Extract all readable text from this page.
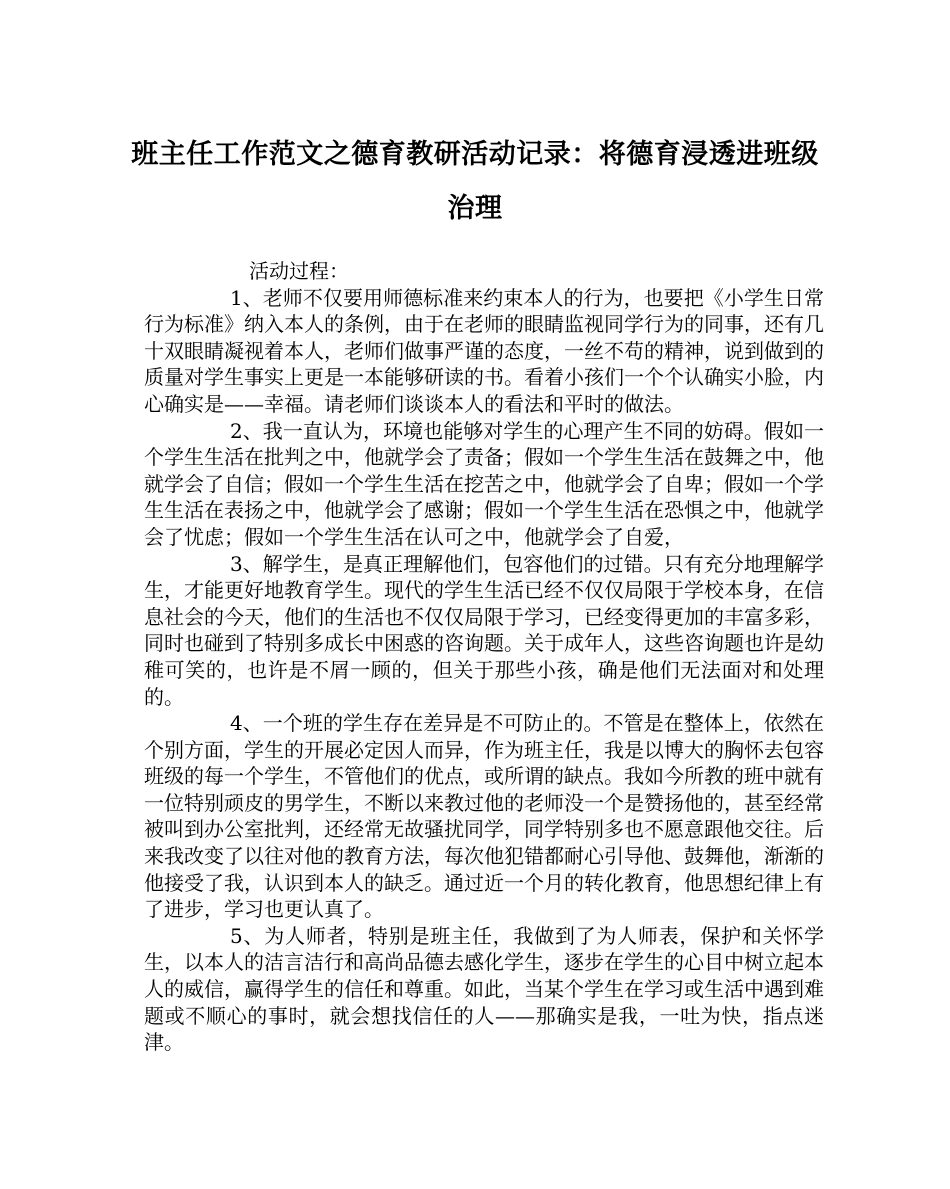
班主任工作范文之德育教研活动记录：将德育浸透进班级治理

活动过程：

1、老师不仅要用师德标准来约束本人的行为，也要把《小学生日常行为标准》纳入本人的条例，由于在老师的眼睛监视同学行为的同事，还有几十双眼睛凝视着本人，老师们做事严谨的态度，一丝不苟的精神，说到做到的质量对学生事实上更是一本能够研读的书。看着小孩们一个个认确实小脸，内心确实是——幸福。请老师们谈谈本人的看法和平时的做法。

2、我一直认为，环境也能够对学生的心理产生不同的妨碍。假如一个学生生活在批判之中，他就学会了责备；假如一个学生生活在鼓舞之中，他就学会了自信；假如一个学生生活在挖苦之中，他就学会了自卑；假如一个学生生活在表扬之中，他就学会了感谢；假如一个学生生活在恐惧之中，他就学会了忧虑；假如一个学生生活在认可之中，他就学会了自爱，

3、解学生，是真正理解他们，包容他们的过错。只有充分地理解学生，才能更好地教育学生。现代的学生生活已经不仅仅局限于学校本身，在信息社会的今天，他们的生活也不仅仅局限于学习，已经变得更加的丰富多彩，同时也碰到了特别多成长中困惑的咨询题。关于成年人，这些咨询题也许是幼稚可笑的，也许是不屑一顾的，但关于那些小孩，确是他们无法面对和处理的。

4、一个班的学生存在差异是不可防止的。不管是在整体上，依然在个别方面，学生的开展必定因人而异，作为班主任，我是以博大的胸怀去包容班级的每一个学生，不管他们的优点，或所谓的缺点。我如今所教的班中就有一位特别顽皮的男学生，不断以来教过他的老师没一个是赞扬他的，甚至经常被叫到办公室批判，还经常无故骚扰同学，同学特别多也不愿意跟他交往。后来我改变了以往对他的教育方法，每次他犯错都耐心引导他、鼓舞他，渐渐的他接受了我，认识到本人的缺乏。通过近一个月的转化教育，他思想纪律上有了进步，学习也更认真了。

5、为人师者，特别是班主任，我做到了为人师表，保护和关怀学生，以本人的洁言洁行和高尚品德去感化学生，逐步在学生的心目中树立起本人的威信，赢得学生的信任和尊重。如此，当某个学生在学习或生活中遇到难题或不顺心的事时，就会想找信任的人——那确实是我，一吐为快，指点迷津。
